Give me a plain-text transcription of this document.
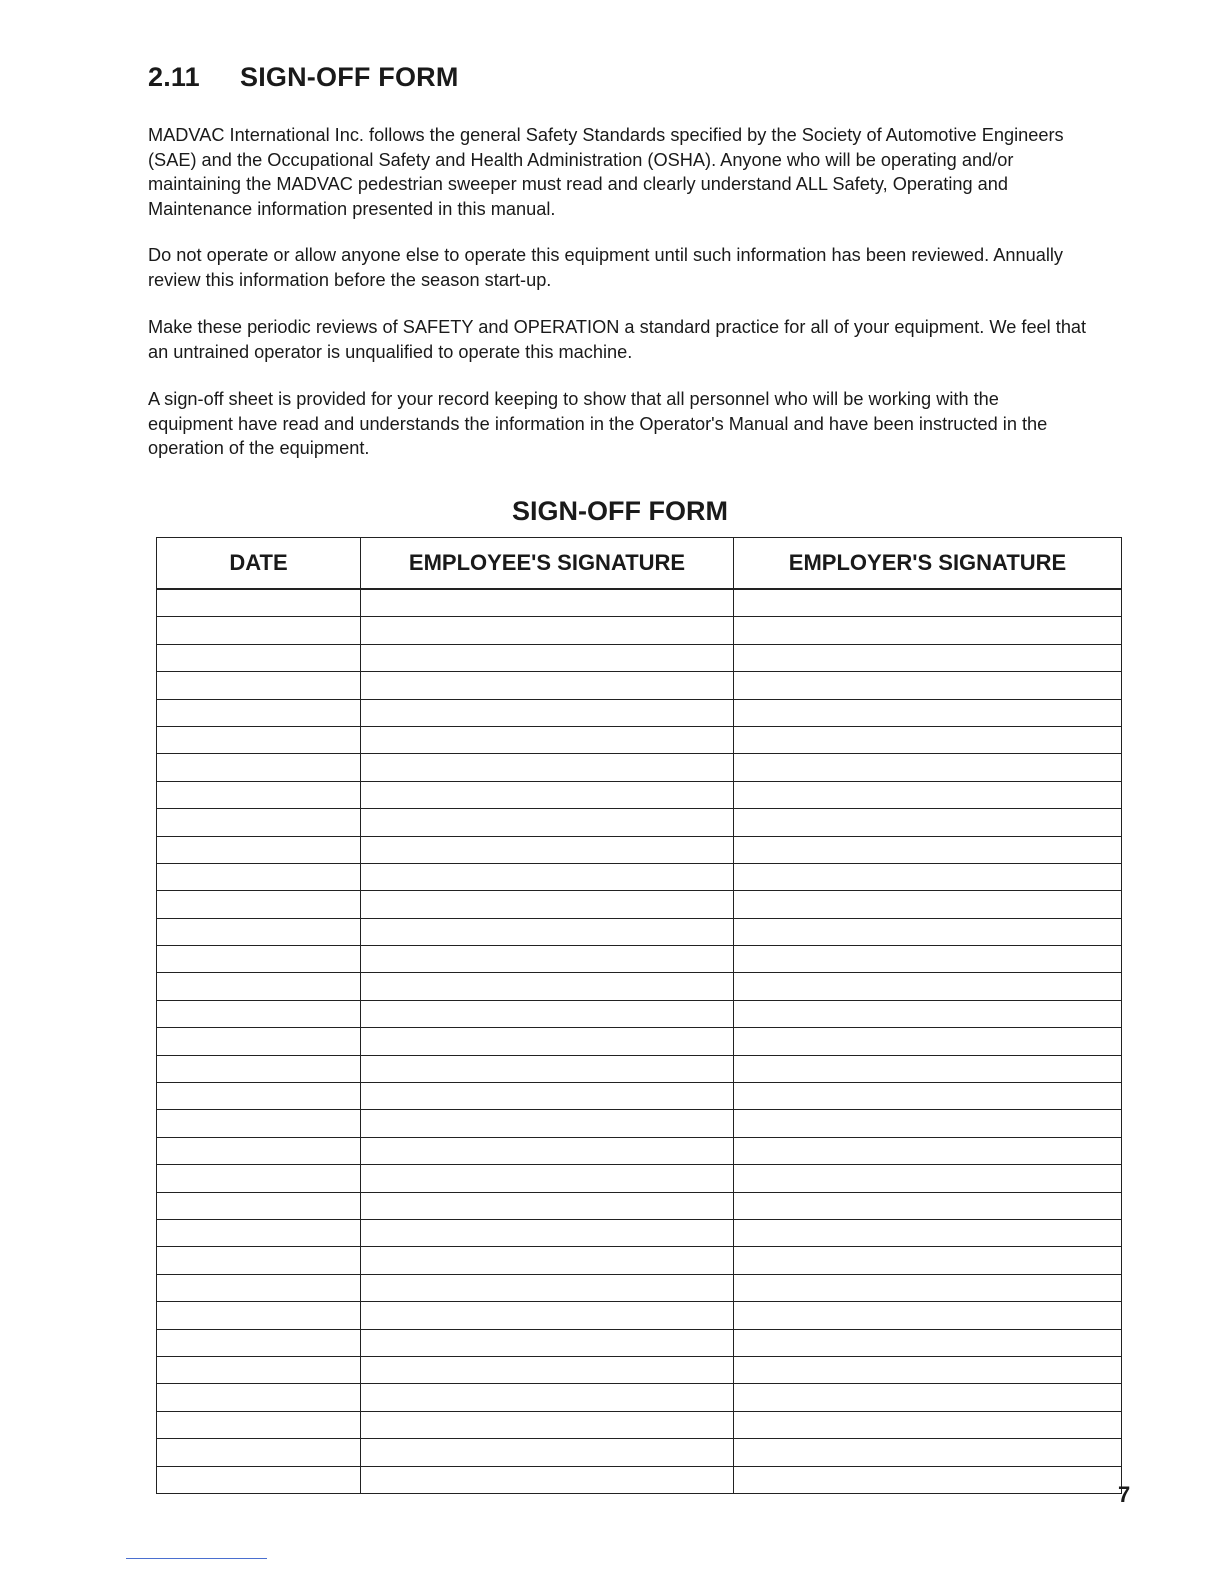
2.11 SIGN-OFF FORM

MADVAC International Inc. follows the general Safety Standards specified by the Society of Automotive Engineers (SAE) and the Occupational Safety and Health Administration (OSHA). Anyone who will be operating and/or maintaining the MADVAC pedestrian sweeper must read and clearly understand ALL Safety, Operating and Maintenance information presented in this manual.

Do not operate or allow anyone else to operate this equipment until such information has been reviewed. Annually review this information before the season start-up.

Make these periodic reviews of SAFETY and OPERATION a standard practice for all of your equipment. We feel that an untrained operator is unqualified to operate this machine.

A sign-off sheet is provided for your record keeping to show that all personnel who will be working with the equipment have read and understands the information in the Operator's Manual and have been instructed in the operation of the equipment.

SIGN-OFF FORM
DATE	EMPLOYEE'S SIGNATURE	EMPLOYER'S SIGNATURE

7
